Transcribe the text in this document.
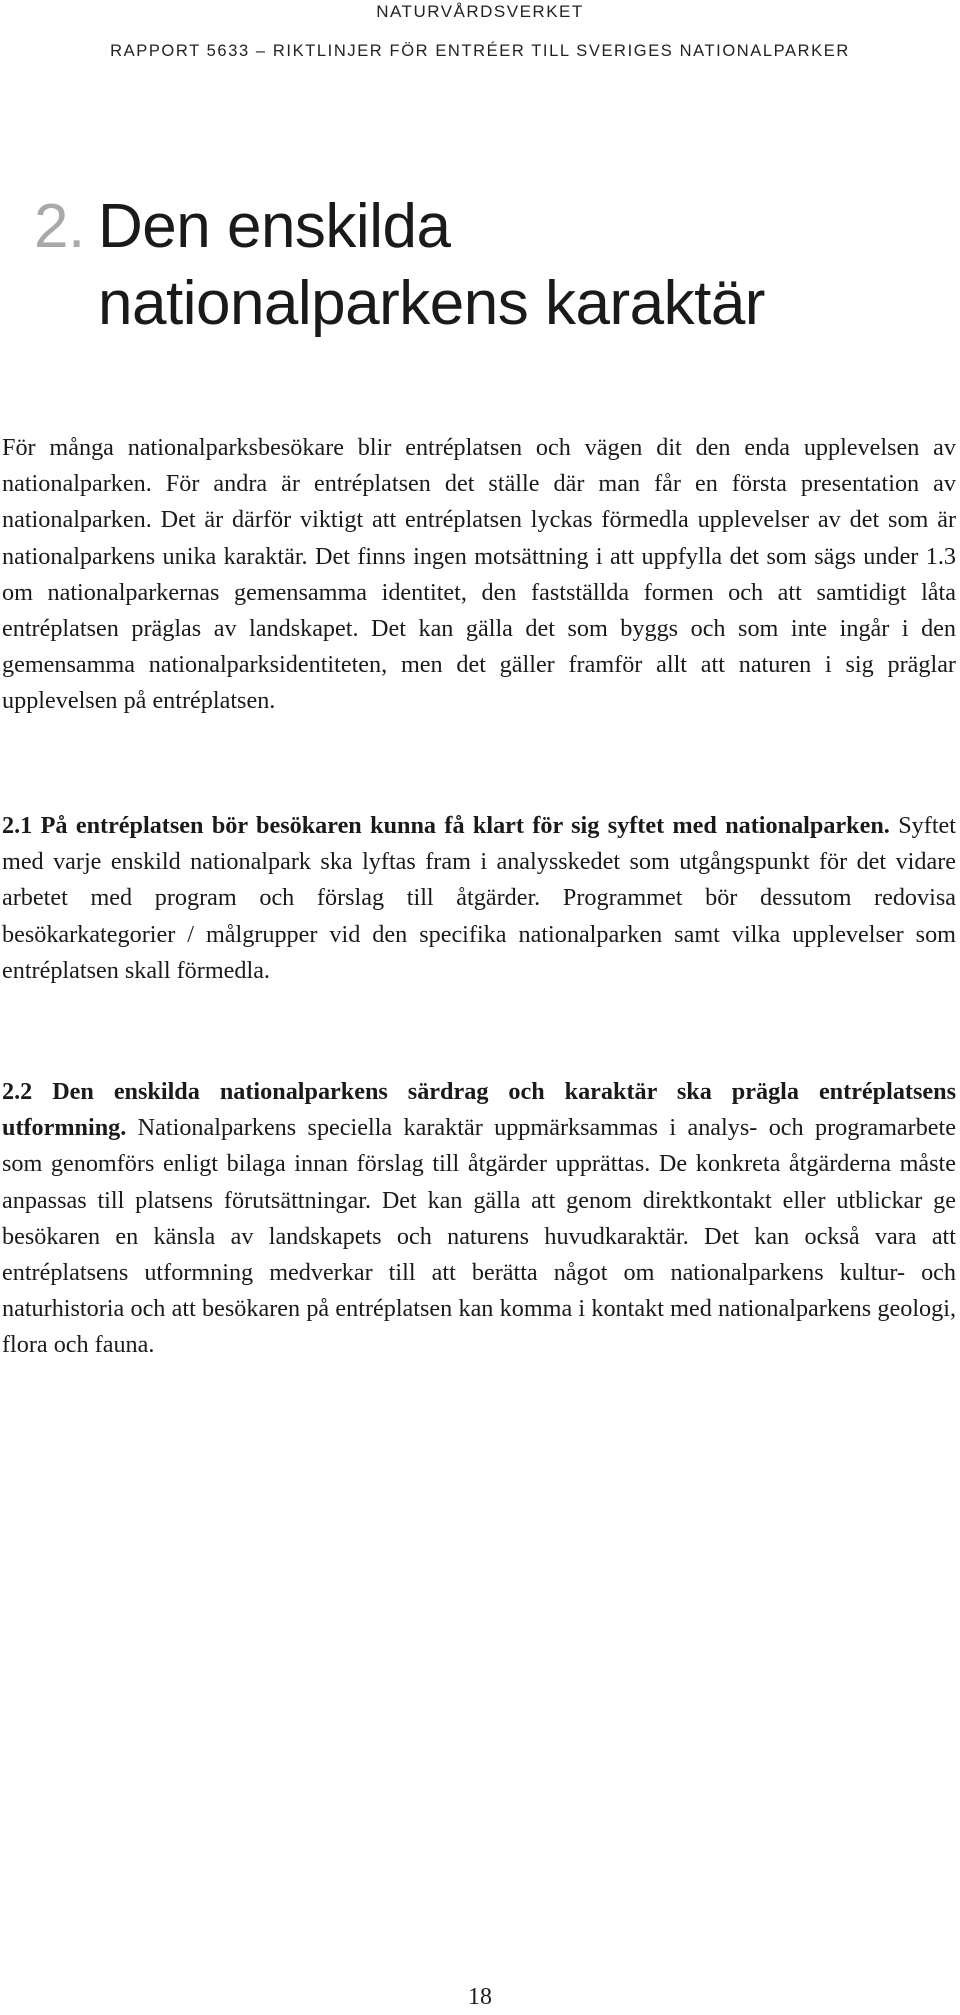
NATURVÅRDSVERKET
RAPPORT 5633 – RIKTLINJER FÖR ENTRÉER TILL SVERIGES NATIONALPARKER
2. Den enskilda
nationalparkens karaktär

För många nationalparksbesökare blir entréplatsen och vägen dit den enda upplevelsen av nationalparken. För andra är entréplatsen det ställe där man får en första presentation av nationalparken. Det är därför viktigt att entréplatsen lyckas förmedla upplevelser av det som är nationalparkens unika karaktär. Det finns ingen motsättning i att uppfylla det som sägs under 1.3 om nationalparkernas gemensamma identitet, den fastställda formen och att samtidigt låta entréplatsen präglas av landskapet. Det kan gälla det som byggs och som inte ingår i den gemensamma nationalparksidentiteten, men det gäller framför allt att naturen i sig präglar upplevelsen på entréplatsen.

2.1 På entréplatsen bör besökaren kunna få klart för sig syftet med nationalparken. Syftet med varje enskild nationalpark ska lyftas fram i analysskedet som utgångspunkt för det vidare arbetet med program och förslag till åtgärder. Programmet bör dessutom redovisa besökarkategorier / målgrupper vid den specifika nationalparken samt vilka upplevelser som entréplatsen skall förmedla.

2.2 Den enskilda nationalparkens särdrag och karaktär ska prägla entréplatsens utformning. Nationalparkens speciella karaktär uppmärksammas i analys- och programarbete som genomförs enligt bilaga innan förslag till åtgärder upprättas. De konkreta åtgärderna måste anpassas till platsens förutsättningar. Det kan gälla att genom direktkontakt eller utblickar ge besökaren en känsla av landskapets och naturens huvudkaraktär. Det kan också vara att entréplatsens utformning medverkar till att berätta något om nationalparkens kultur- och naturhistoria och att besökaren på entréplatsen kan komma i kontakt med nationalparkens geologi, flora och fauna.

18
